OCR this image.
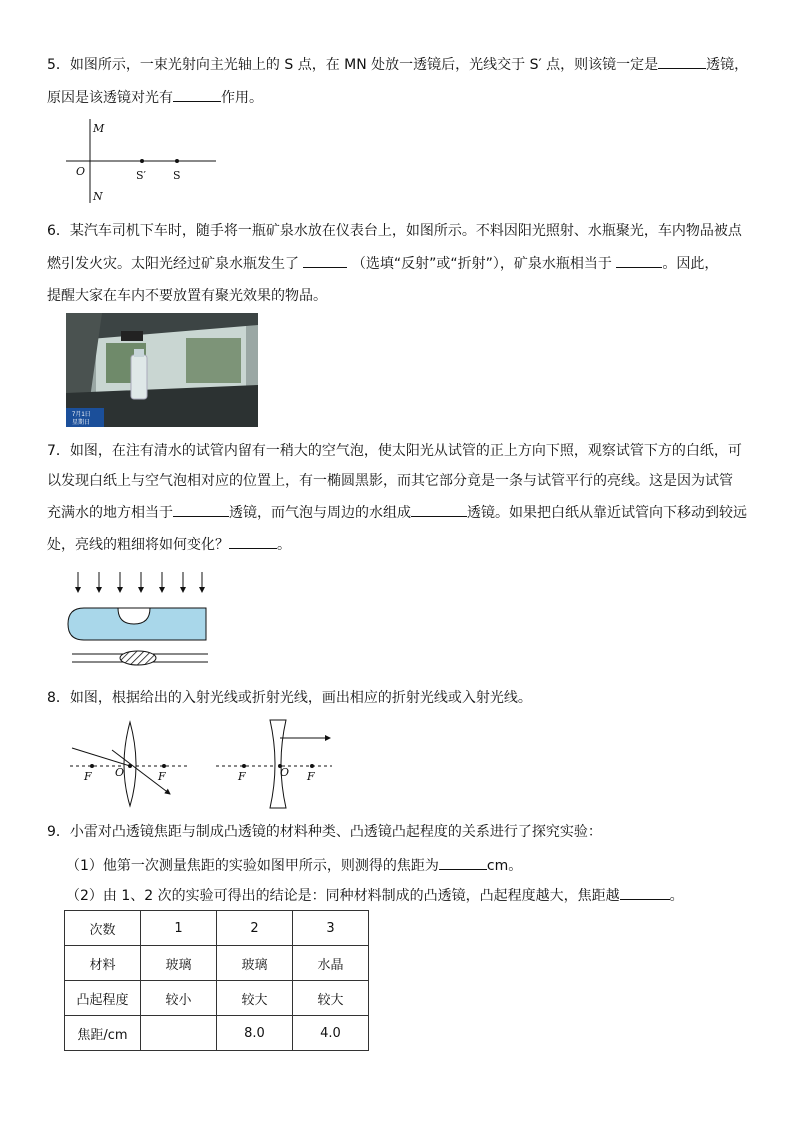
5．如图所示，一束光射向主光轴上的 S 点，在 MN 处放一透镜后，光线交于 S′ 点，则该镜一定是	透镜，
原因是该透镜对光有	作用。
M
N
O	S′ S
6．某汽车司机下车时，随手将一瓶矿泉水放在仪表台上，如图所示。不料因阳光照射、水瓶聚光，车内物品被点
燃引发火灾。太阳光经过矿泉水瓶发生了	（选填“反射”或“折射”），矿泉水瓶相当于	。因此，
提醒大家在车内不要放置有聚光效果的物品。
7月1日
星期日
7．如图，在注有清水的试管内留有一稍大的空气泡，使太阳光从试管的正上方向下照，观察试管下方的白纸，可
以发现白纸上与空气泡相对应的位置上，有一椭圆黑影，而其它部分竟是一条与试管平行的亮线。这是因为试管
充满水的地方相当于	透镜，而气泡与周边的水组成	透镜。如果把白纸从靠近试管向下移动到较远
处，亮线的粗细将如何变化？	。
8．如图，根据给出的入射光线或折射光线，画出相应的折射光线或入射光线。
F O	F	F	O F
9．小雷对凸透镜焦距与制成凸透镜的材料种类、凸透镜凸起程度的关系进行了探究实验：
（1）他第一次测量焦距的实验如图甲所示，则测得的焦距为	cm。
（2）由 1、2 次的实验可得出的结论是：同种材料制成的凸透镜，凸起程度越大，焦距越	。
次数	1	2	3
材料	玻璃	玻璃	水晶
凸起程度	较小	较大	较大
焦距/cm		8.0	4.0
